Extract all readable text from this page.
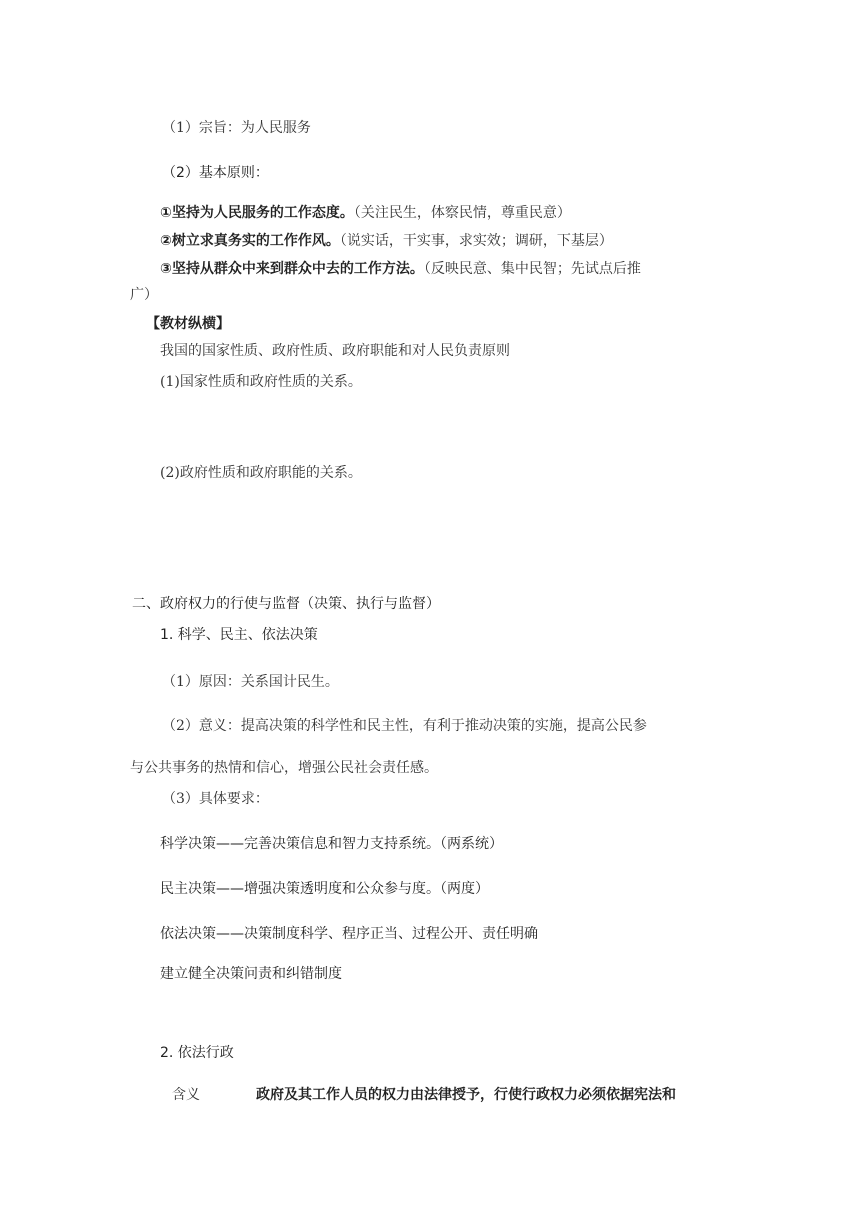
（1）宗旨：为人民服务
（2）基本原则：
①坚持为人民服务的工作态度。（关注民生，体察民情，尊重民意）
②树立求真务实的工作作风。（说实话，干实事，求实效；调研，下基层）
③坚持从群众中来到群众中去的工作方法。（反映民意、集中民智；先试点后推
广）
【教材纵横】
我国的国家性质、政府性质、政府职能和对人民负责原则
(1)国家性质和政府性质的关系。
(2)政府性质和政府职能的关系。
二、政府权力的行使与监督（决策、执行与监督）
1. 科学、民主、依法决策
（1）原因：关系国计民生。
（2）意义：提高决策的科学性和民主性，有利于推动决策的实施，提高公民参
与公共事务的热情和信心，增强公民社会责任感。
（3）具体要求：
科学决策——完善决策信息和智力支持系统。（两系统）
民主决策——增强决策透明度和公众参与度。（两度）
依法决策——决策制度科学、程序正当、过程公开、责任明确
建立健全决策问责和纠错制度
2. 依法行政
含义	政府及其工作人员的权力由法律授予，行使行政权力必须依据宪法和
